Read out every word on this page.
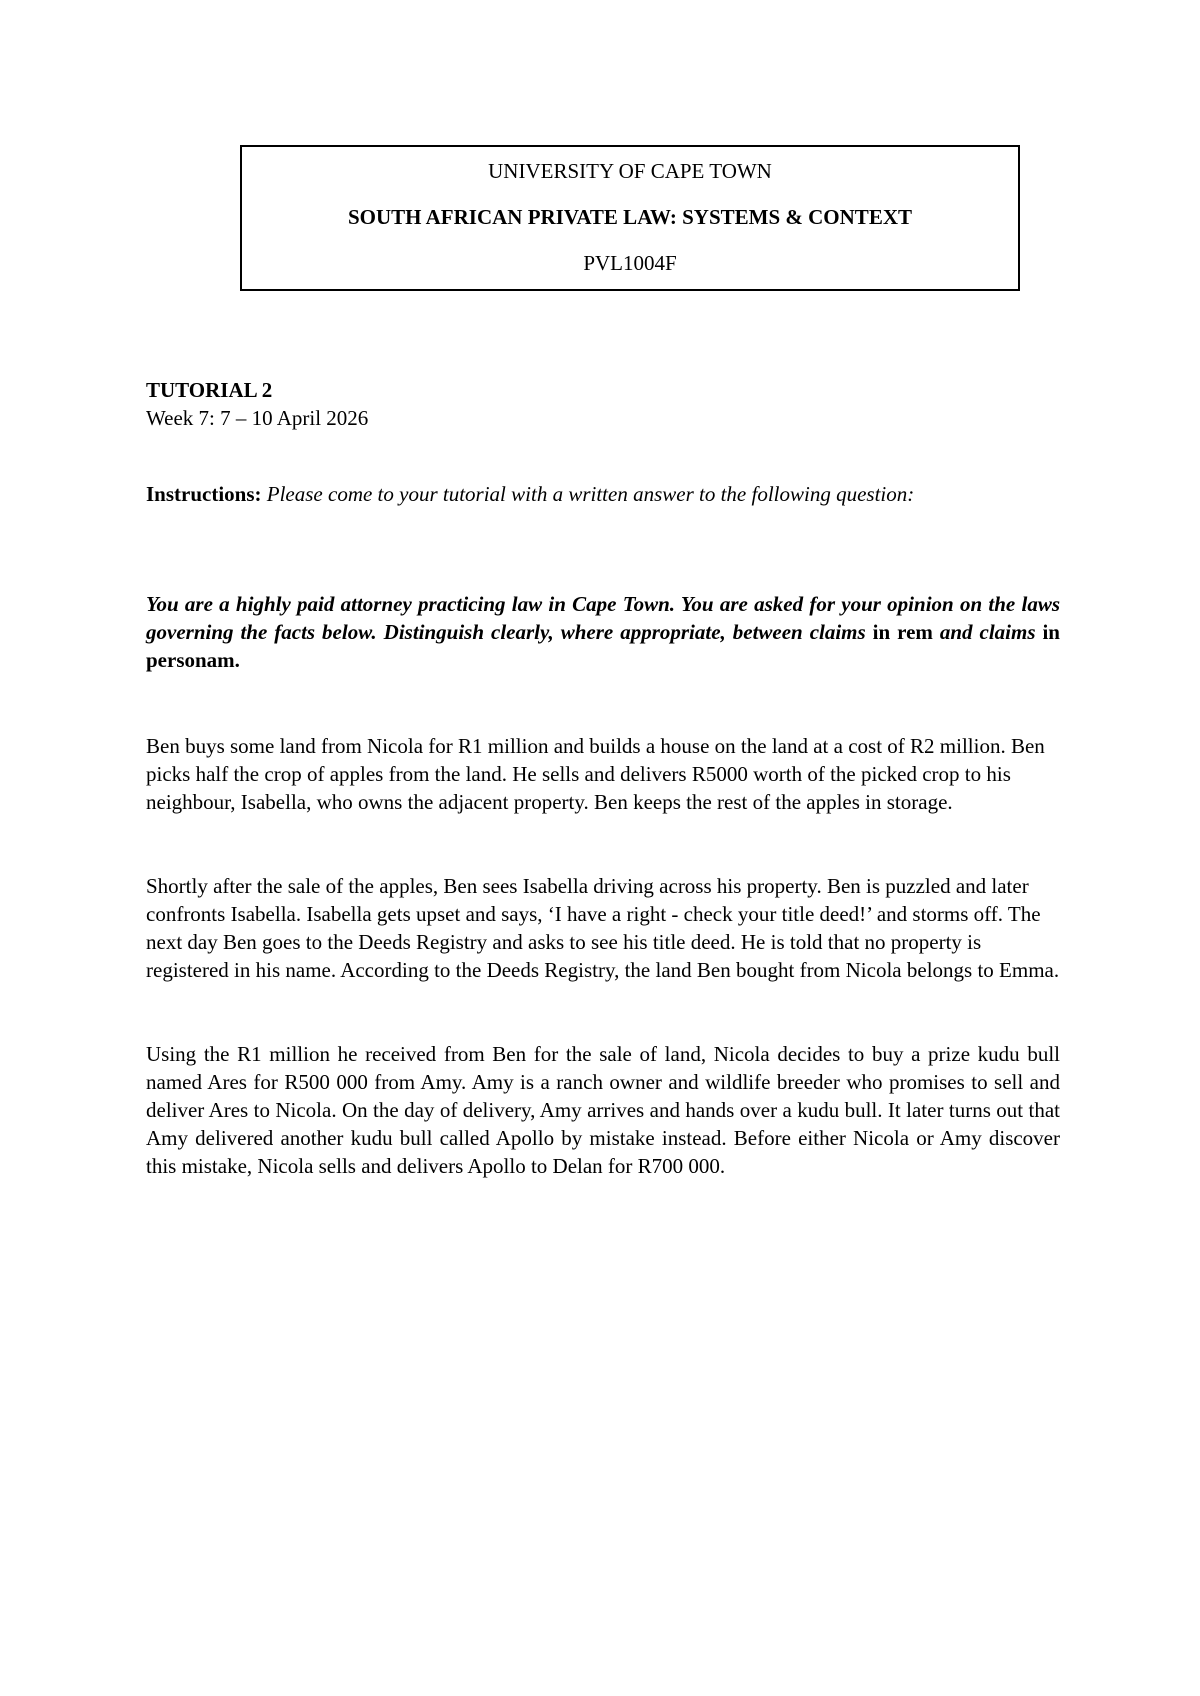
UNIVERSITY OF CAPE TOWN
SOUTH AFRICAN PRIVATE LAW: SYSTEMS & CONTEXT
PVL1004F
TUTORIAL 2
Week 7: 7 – 10 April 2026
Instructions: Please come to your tutorial with a written answer to the following question:
You are a highly paid attorney practicing law in Cape Town. You are asked for your opinion on the laws governing the facts below. Distinguish clearly, where appropriate, between claims in rem and claims in personam.

Ben buys some land from Nicola for R1 million and builds a house on the land at a cost of R2 million. Ben picks half the crop of apples from the land. He sells and delivers R5000 worth of the picked crop to his neighbour, Isabella, who owns the adjacent property. Ben keeps the rest of the apples in storage.

Shortly after the sale of the apples, Ben sees Isabella driving across his property. Ben is puzzled and later confronts Isabella. Isabella gets upset and says, ‘I have a right - check your title deed!’ and storms off. The next day Ben goes to the Deeds Registry and asks to see his title deed. He is told that no property is registered in his name. According to the Deeds Registry, the land Ben bought from Nicola belongs to Emma.

Using the R1 million he received from Ben for the sale of land, Nicola decides to buy a prize kudu bull named Ares for R500 000 from Amy. Amy is a ranch owner and wildlife breeder who promises to sell and deliver Ares to Nicola. On the day of delivery, Amy arrives and hands over a kudu bull. It later turns out that Amy delivered another kudu bull called Apollo by mistake instead. Before either Nicola or Amy discover this mistake, Nicola sells and delivers Apollo to Delan for R700 000.
